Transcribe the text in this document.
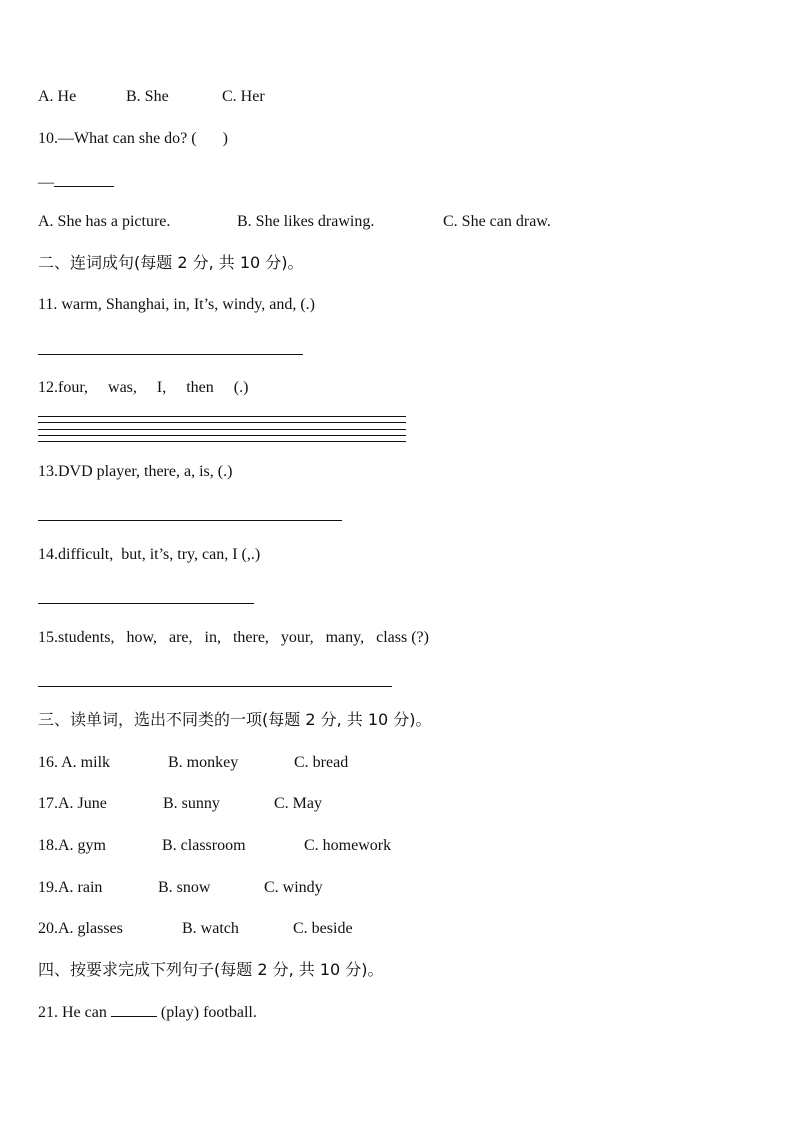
A. He	B. She	C. Her
10.—What can she do? ( )
—
A. She has a picture.	B. She likes drawing.	C. She can draw.
二、连词成句(每题 2 分, 共 10 分)。
11. warm, Shanghai, in, It’s, windy, and, (.)
12.four,     was,     I,     then     (.)
13.DVD player, there, a, is, (.)
14.difficult,  but, it’s, try, can, I (,.)
15.students,   how,   are,   in,   there,   your,   many,   class (?)
三、读单词，选出不同类的一项(每题 2 分, 共 10 分)。
16. A. milk	B. monkey	C. bread
17.A. June	B. sunny	C. May
18.A. gym	B. classroom	C. homework
19.A. rain	B. snow	C. windy
20.A. glasses	B. watch	C. beside
四、按要求完成下列句子(每题 2 分, 共 10 分)。
21. He can	(play) football.
